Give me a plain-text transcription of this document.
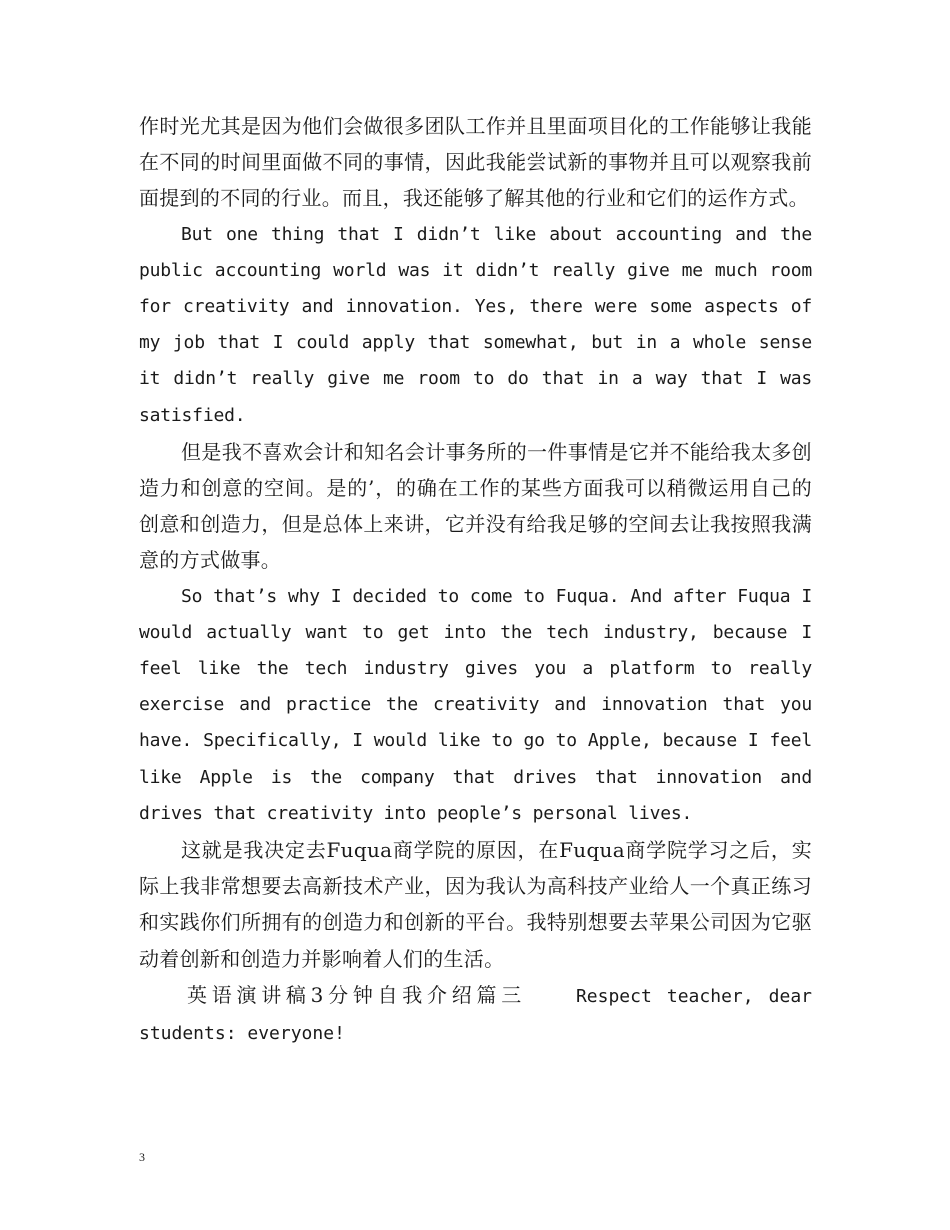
作时光尤其是因为他们会做很多团队工作并且里面项目化的工作能够让我能在不同的时间里面做不同的事情，因此我能尝试新的事物并且可以观察我前面提到的不同的行业。而且，我还能够了解其他的行业和它们的运作方式。

But one thing that I didn’t like about accounting and the public accounting world was it didn’t really give me much room for creativity and innovation. Yes, there were some aspects of my job that I could apply that somewhat, but in a whole sense it didn’t really give me room to do that in a way that I was satisfied.

但是我不喜欢会计和知名会计事务所的一件事情是它并不能给我太多创造力和创意的空间。是的’，的确在工作的某些方面我可以稍微运用自己的创意和创造力，但是总体上来讲，它并没有给我足够的空间去让我按照我满意的方式做事。

So that’s why I decided to come to Fuqua. And after Fuqua I would actually want to get into the tech industry, because I feel like the tech industry gives you a platform to really exercise and practice the creativity and innovation that you have. Specifically, I would like to go to Apple, because I feel like Apple is the company that drives that innovation and drives that creativity into people’s personal lives.

这就是我决定去Fuqua商学院的原因，在Fuqua商学院学习之后，实际上我非常想要去高新技术产业，因为我认为高科技产业给人一个真正练习和实践你们所拥有的创造力和创新的平台。我特别想要去苹果公司因为它驱动着创新和创造力并影响着人们的生活。

英语演讲稿3分钟自我介绍篇三	Respect teacher, dear students: everyone!

3
